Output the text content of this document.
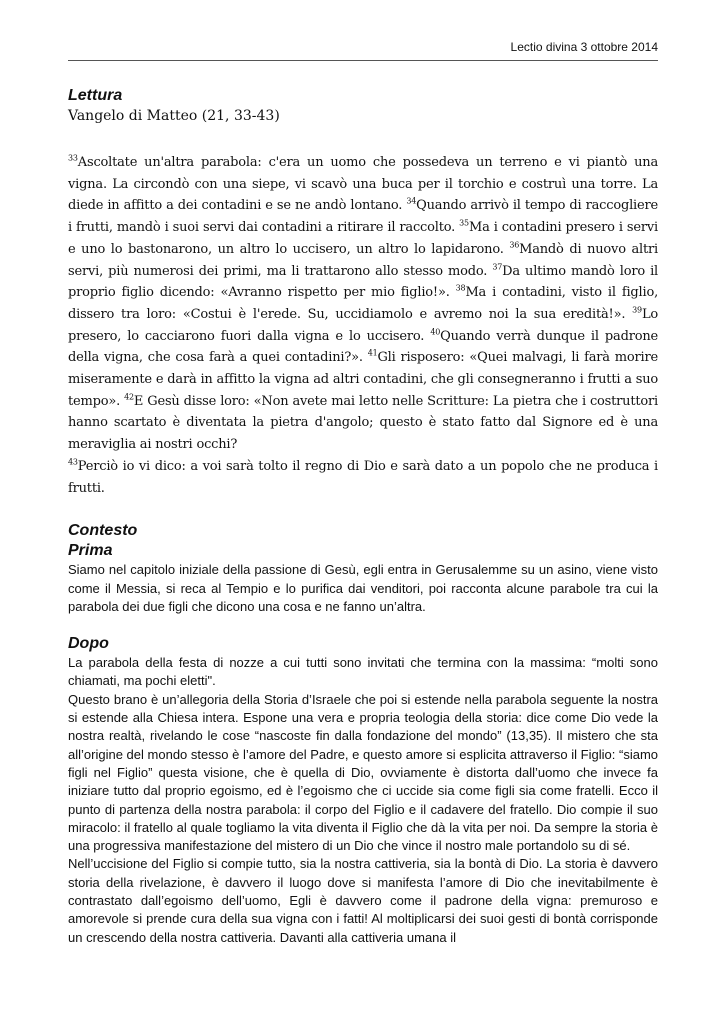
Lectio divina 3 ottobre 2014
Lettura

Vangelo di Matteo (21, 33-43)

$^{33}$Ascoltate un'altra parabola: c'era un uomo che possedeva un terreno e vi piantò una vigna. La circondò con una siepe, vi scavò una buca per il torchio e costruì una torre. La diede in affitto a dei contadini e se ne andò lontano. $^{34}$Quando arrivò il tempo di raccogliere i frutti, mandò i suoi servi dai contadini a ritirare il raccolto. $^{35}$Ma i contadini presero i servi e uno lo bastonarono, un altro lo uccisero, un altro lo lapidarono. $^{36}$Mandò di nuovo altri servi, più numerosi dei primi, ma li trattarono allo stesso modo. $^{37}$Da ultimo mandò loro il proprio figlio dicendo: «Avranno rispetto per mio figlio!». $^{38}$Ma i contadini, visto il figlio, dissero tra loro: «Costui è l'erede. Su, uccidiamolo e avremo noi la sua eredità!». $^{39}$Lo presero, lo cacciarono fuori dalla vigna e lo uccisero. $^{40}$Quando verrà dunque il padrone della vigna, che cosa farà a quei contadini?». $^{41}$Gli risposero: «Quei malvagi, li farà morire miseramente e darà in affitto la vigna ad altri contadini, che gli consegneranno i frutti a suo tempo». $^{42}$E Gesù disse loro: «Non avete mai letto nelle Scritture: La pietra che i costruttori hanno scartato è diventata la pietra d'angolo; questo è stato fatto dal Signore ed è una meraviglia ai nostri occhi?

$^{43}$Perciò io vi dico: a voi sarà tolto il regno di Dio e sarà dato a un popolo che ne produca i frutti.

Contesto
Prima

Siamo nel capitolo iniziale della passione di Gesù, egli entra in Gerusalemme su un asino, viene visto come il Messia, si reca al Tempio e lo purifica dai venditori, poi racconta alcune parabole tra cui la parabola dei due figli che dicono una cosa e ne fanno un’altra.

Dopo

La parabola della festa di nozze a cui tutti sono invitati che termina con la massima: “molti sono chiamati, ma pochi eletti".

Questo brano è un’allegoria della Storia d’Israele che poi si estende nella parabola seguente la nostra si estende alla Chiesa intera. Espone una vera e propria teologia della storia: dice come Dio vede la nostra realtà, rivelando le cose “nascoste fin dalla fondazione del mondo” (13,35). Il mistero che sta all’origine del mondo stesso è l’amore del Padre, e questo amore si esplicita attraverso il Figlio: “siamo figli nel Figlio” questa visione, che è quella di Dio, ovviamente è distorta dall’uomo che invece fa iniziare tutto dal proprio egoismo, ed è l’egoismo che ci uccide sia come figli sia come fratelli. Ecco il punto di partenza della nostra parabola: il corpo del Figlio e il cadavere del fratello. Dio compie il suo miracolo: il fratello al quale togliamo la vita diventa il Figlio che dà la vita per noi. Da sempre la storia è una progressiva manifestazione del mistero di un Dio che vince il nostro male portandolo su di sé.

Nell’uccisione del Figlio si compie tutto, sia la nostra cattiveria, sia la bontà di Dio. La storia è davvero storia della rivelazione, è davvero il luogo dove si manifesta l’amore di Dio che inevitabilmente è contrastato dall’egoismo dell’uomo, Egli è davvero come il padrone della vigna: premuroso e amorevole si prende cura della sua vigna con i fatti! Al moltiplicarsi dei suoi gesti di bontà corrisponde un crescendo della nostra cattiveria. Davanti alla cattiveria umana il
